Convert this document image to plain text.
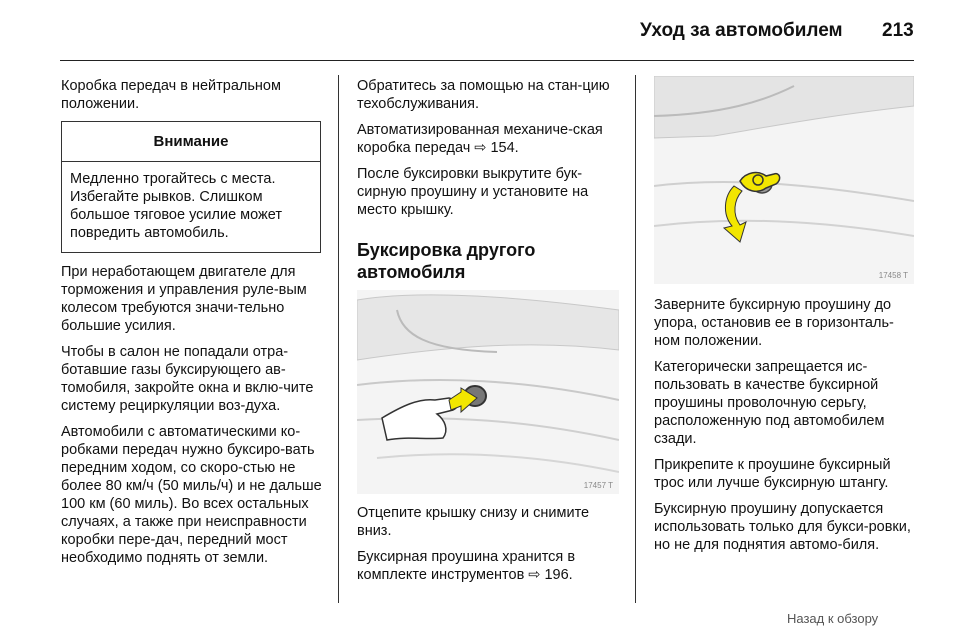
Уход за автомобилем 213

Коробка передач в нейтральном положении.

Внимание
Медленно трогайтесь с места. Избегайте рывков. Слишком большое тяговое усилие может повредить автомобиль.

При неработающем двигателе для торможения и управления руле-вым колесом требуются значи-тельно большие усилия.

Чтобы в салон не попадали отра-ботавшие газы буксирующего ав-томобиля, закройте окна и вклю-чите систему рециркуляции воз-духа.

Автомобили с автоматическими ко-робками передач нужно буксиро-вать передним ходом, со скоро-стью не более 80 км/ч (50 миль/ч) и не дальше 100 км (60 миль). Во всех остальных случаях, а также при неисправности коробки пере-дач, передний мост необходимо поднять от земли.

Обратитесь за помощью на стан-цию техобслуживания.

Автоматизированная механиче-ская коробка передач ⇨ 154.

После буксировки выкрутите бук-сирную проушину и установите на место крышку.

Буксировка другого автомобиля

Отцепите крышку снизу и снимите вниз.

Буксирная проушина хранится в комплекте инструментов ⇨ 196.

17457 T
17458 T

Заверните буксирную проушину до упора, остановив ее в горизонталь-ном положении.

Категорически запрещается ис-пользовать в качестве буксирной проушины проволочную серьгу, расположенную под автомобилем сзади.

Прикрепите к проушине буксирный трос или лучше буксирную штангу.

Буксирную проушину допускается использовать только для букси-ровки, но не для поднятия автомо-биля.

Назад к обзору
